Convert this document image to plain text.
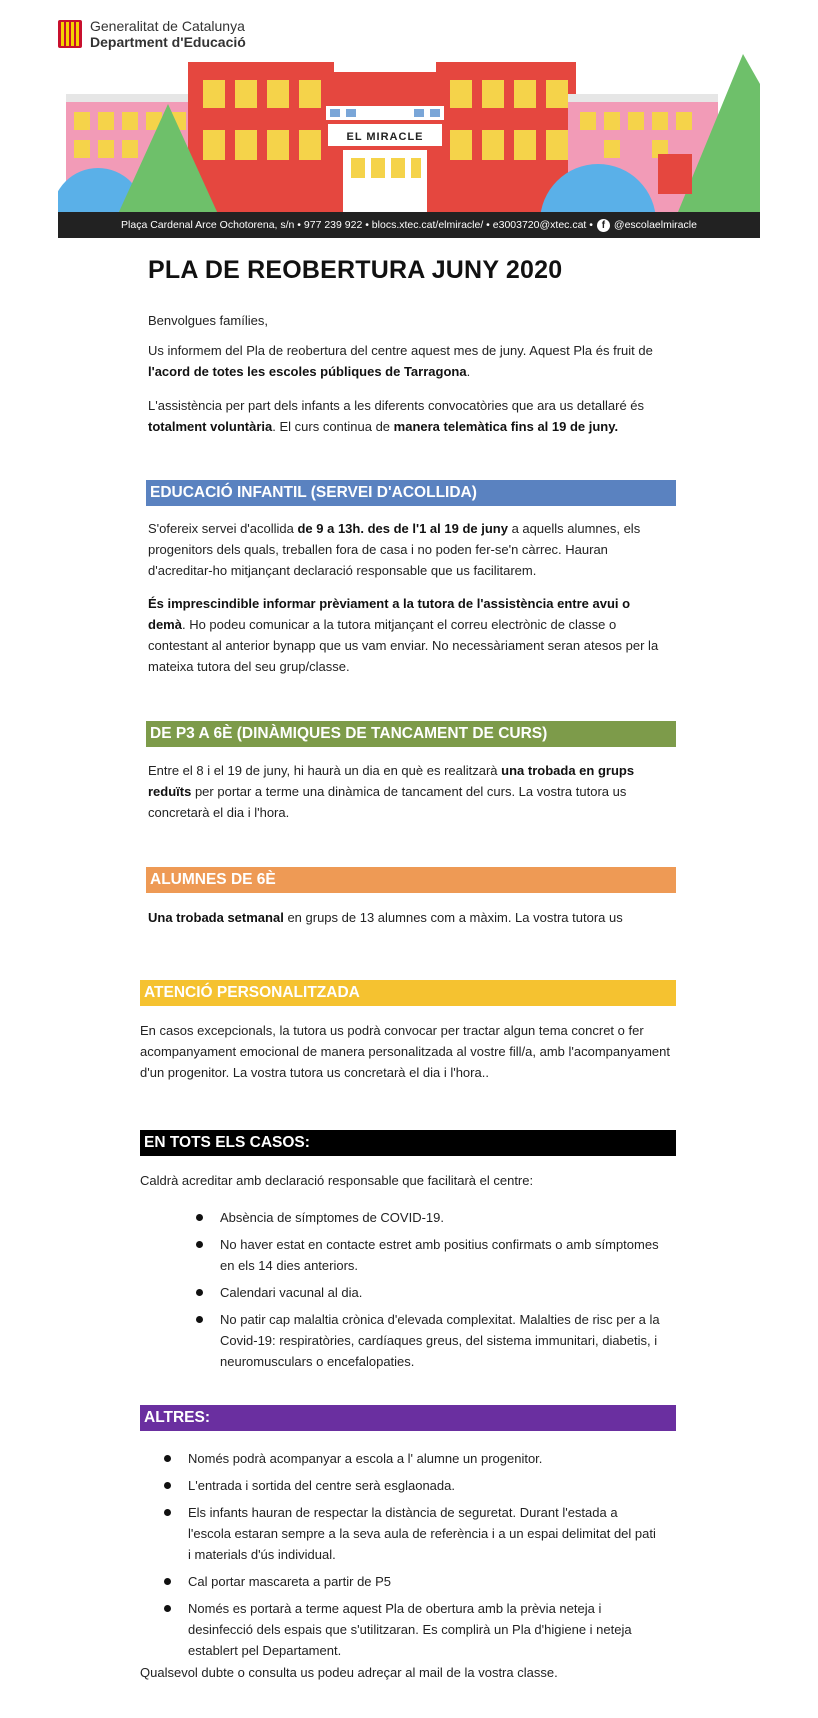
Generalitat de Catalunya
Department d'Educació
EL MIRACLE
Plaça Cardenal Arce Ochotorena, s/n • 977 239 922 • blocs.xtec.cat/elmiracle/ • e3003720@xtec.cat • f @escolaelmiracle
PLA DE REOBERTURA JUNY 2020
Benvolgues famílies,
Us informem del Pla de reobertura del centre aquest mes de juny. Aquest Pla és fruit de l'acord de totes les escoles públiques de Tarragona.
L'assistència per part dels infants a les diferents convocatòries que ara us detallaré és totalment voluntària. El curs continua de manera telemàtica fins al 19 de juny.
EDUCACIÓ INFANTIL (SERVEI D'ACOLLIDA)
S'ofereix servei d'acollida de 9 a 13h. des de l'1 al 19 de juny a aquells alumnes, els progenitors dels quals, treballen fora de casa i no poden fer-se'n càrrec. Hauran d'acreditar-ho mitjançant declaració responsable que us facilitarem.
És imprescindible informar prèviament a la tutora de l'assistència entre avui o demà. Ho podeu comunicar a la tutora mitjançant el correu electrònic de classe o contestant al anterior bynapp que us vam enviar. No necessàriament seran atesos per la mateixa tutora del seu grup/classe.
DE P3 A 6È (DINÀMIQUES DE TANCAMENT DE CURS)
Entre el 8 i el 19 de juny, hi haurà un dia en què es realitzarà una trobada en grups reduïts per portar a terme una dinàmica de tancament del curs. La vostra tutora us concretarà el dia i l'hora.
ALUMNES DE 6È
Una trobada setmanal en grups de 13 alumnes com a màxim. La vostra tutora us
ATENCIÓ PERSONALITZADA
En casos excepcionals, la tutora us podrà convocar per tractar algun tema concret o fer acompanyament emocional de manera personalitzada al vostre fill/a, amb l'acompanyament d'un progenitor. La vostra tutora us concretarà el dia i l'hora..
EN TOTS ELS CASOS:
Caldrà acreditar amb declaració responsable que facilitarà el centre:
Absència de símptomes de COVID-19.
No haver estat en contacte estret amb positius confirmats o amb símptomes en els 14 dies anteriors.
Calendari vacunal al dia.
No patir cap malaltia crònica d'elevada complexitat. Malalties de risc per a la Covid-19: respiratòries, cardíaques greus, del sistema immunitari, diabetis, i neuromusculars o encefalopaties.
ALTRES:
Només podrà acompanyar a escola a l' alumne un progenitor.
L'entrada i sortida del centre serà esglaonada.
Els infants hauran de respectar la distància de seguretat. Durant l'estada a l'escola estaran sempre a la seva aula de referència i a un espai delimitat del pati i materials d'ús individual.
Cal portar mascareta a partir de P5
Només es portarà a terme aquest Pla de obertura amb la prèvia neteja i desinfecció dels espais que s'utilitzaran. Es complirà un Pla d'higiene i neteja establert pel Departament.
Qualsevol dubte o consulta us podeu adreçar al mail de la vostra classe.
